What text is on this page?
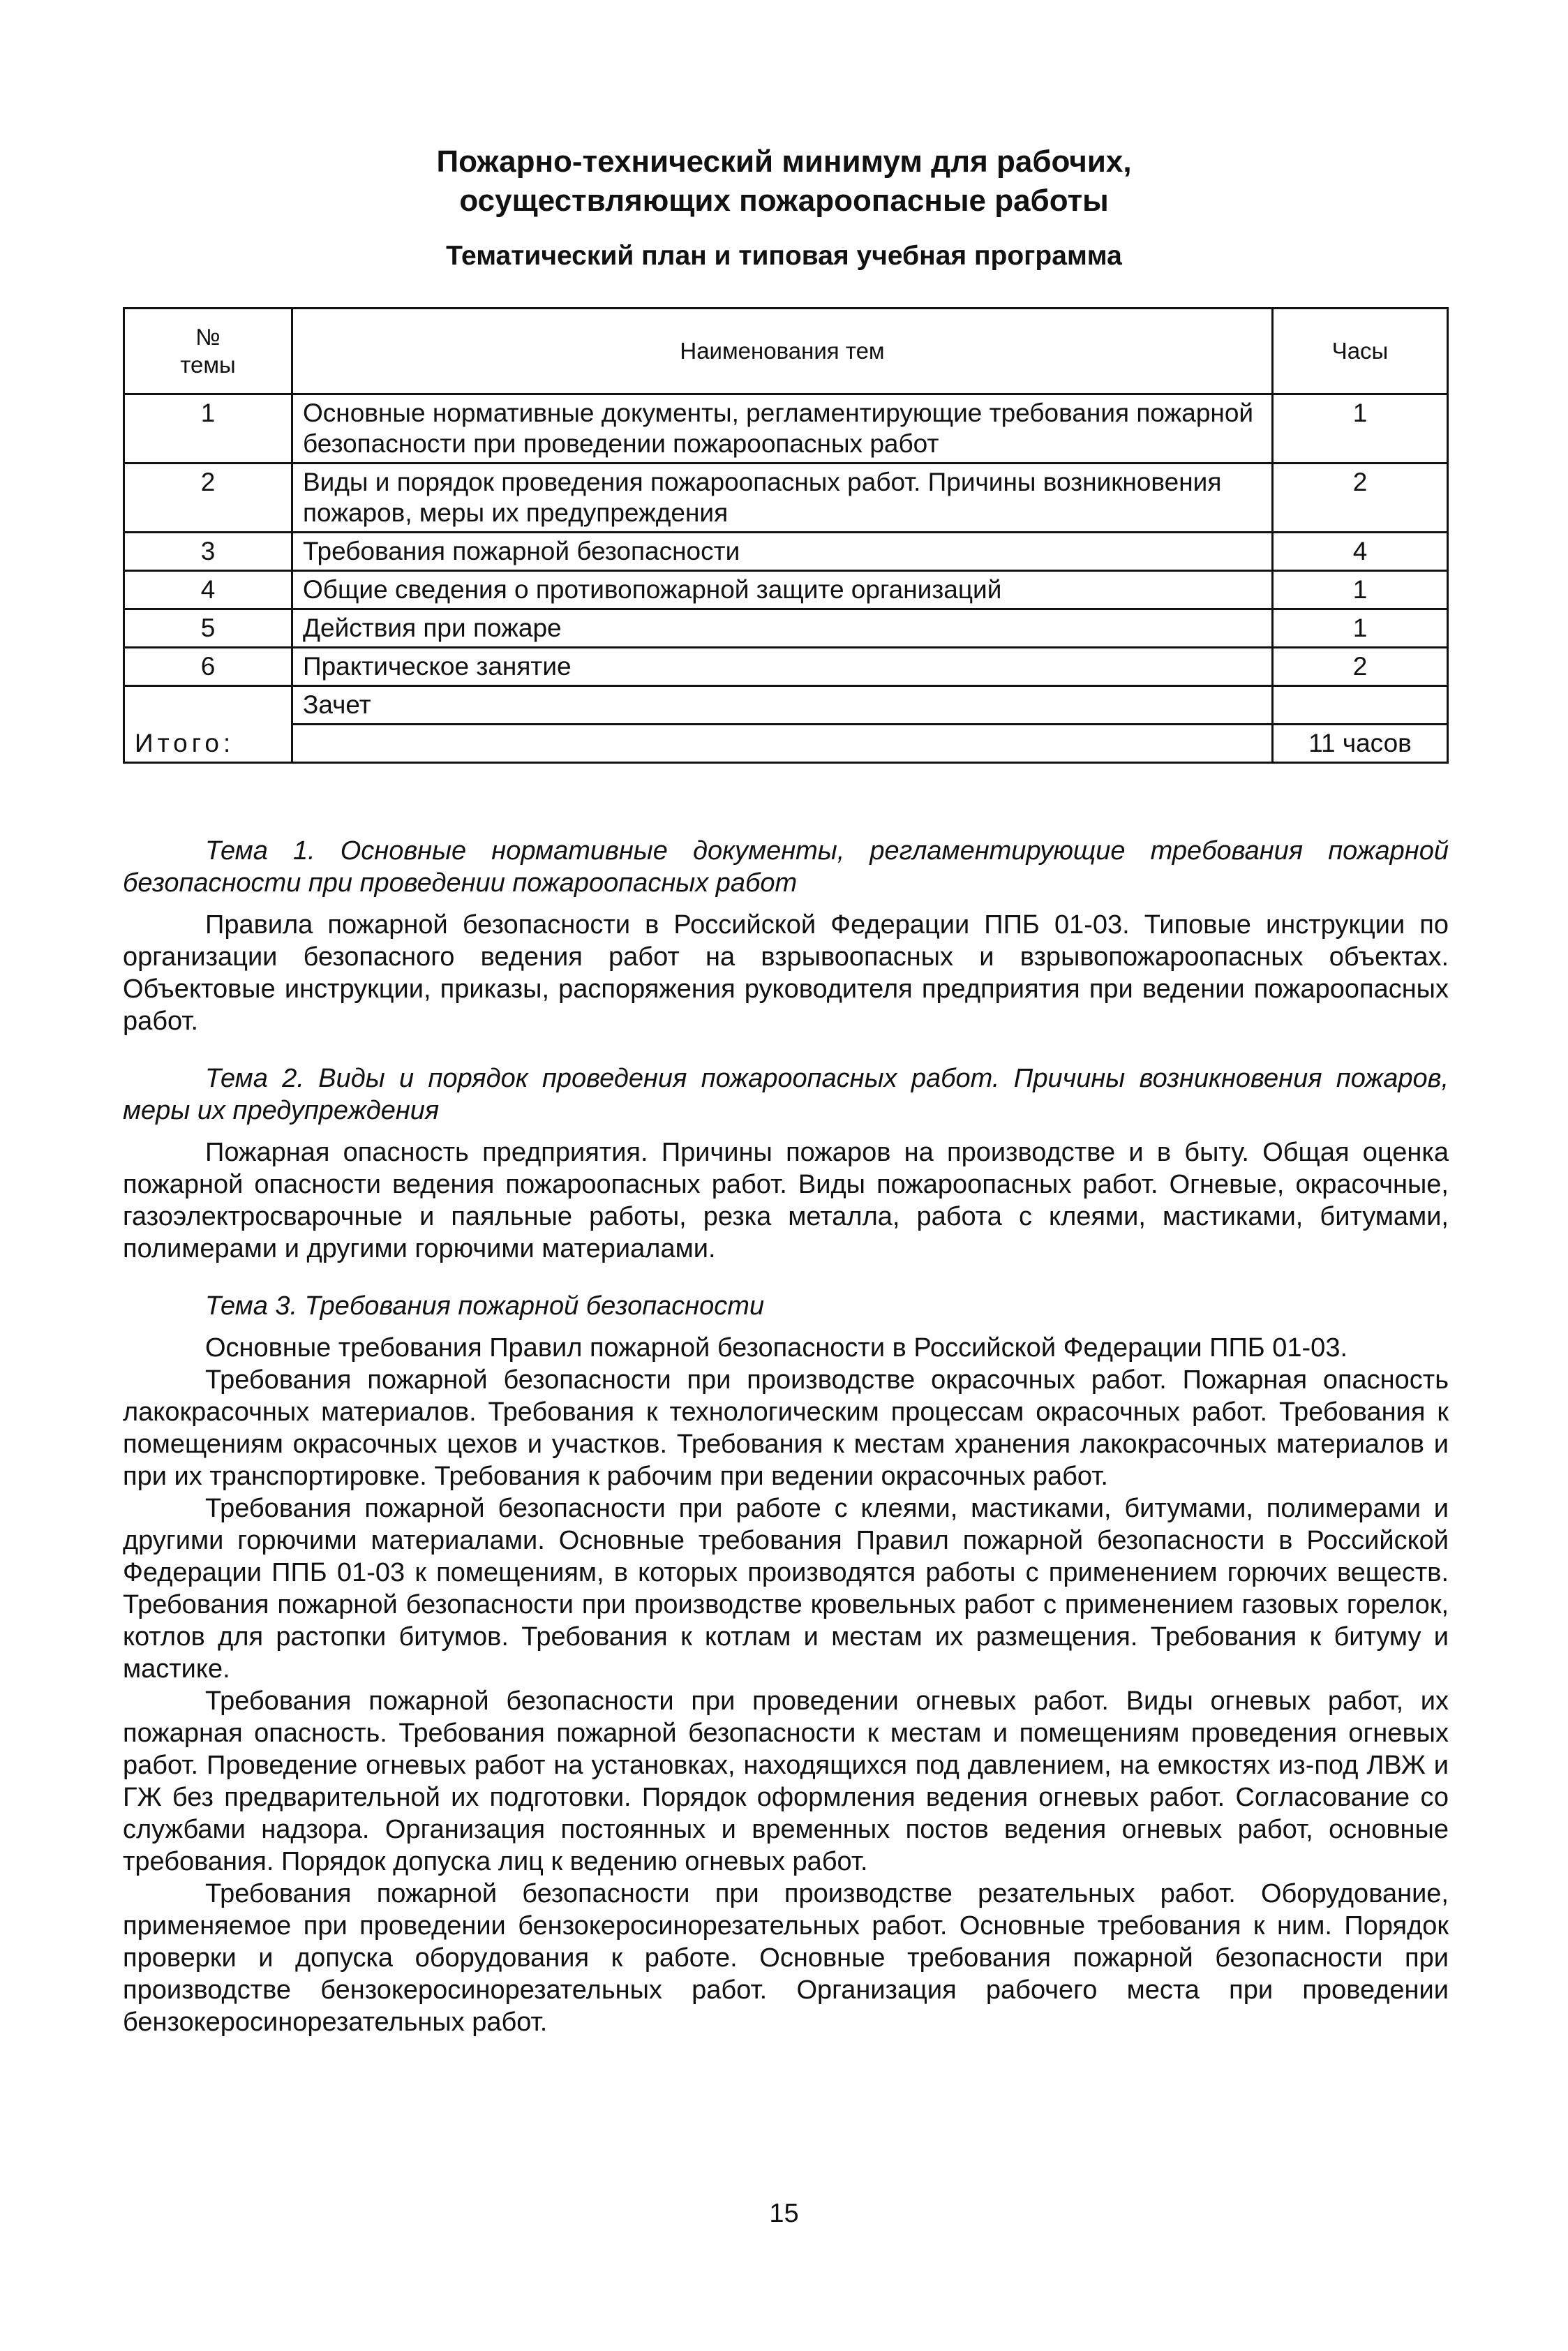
Пожарно-технический минимум для рабочих,
осуществляющих пожароопасные работы
Тематический план и типовая учебная программа
№
темы	Наименования тем	Часы
1	Основные нормативные документы, регламентирующие требования пожарной безопасности при проведении пожароопасных работ	1
2	Виды и порядок проведения пожароопасных работ. Причины возникновения пожаров, меры их предупреждения	2
3	Требования пожарной безопасности	4
4	Общие сведения о противопожарной защите организаций	1
5	Действия при пожаре	1
6	Практическое занятие	2
Итого:	Зачет	
		11 часов

Тема 1. Основные нормативные документы, регламентирующие требования пожарной безопасности при проведении пожароопасных работ

Правила пожарной безопасности в Российской Федерации ППБ 01-03. Типовые инструкции по организации безопасного ведения работ на взрывоопасных и взрывопожароопасных объектах. Объектовые инструкции, приказы, распоряжения руководителя предприятия при ведении пожароопасных работ.

Тема 2. Виды и порядок проведения пожароопасных работ. Причины возникновения пожаров, меры их предупреждения

Пожарная опасность предприятия. Причины пожаров на производстве и в быту. Общая оценка пожарной опасности ведения пожароопасных работ. Виды пожароопасных работ. Огневые, окрасочные, газоэлектросварочные и паяльные работы, резка металла, работа с клеями, мастиками, битумами, полимерами и другими горючими материалами.

Тема 3. Требования пожарной безопасности

Основные требования Правил пожарной безопасности в Российской Федерации ППБ 01-03.

Требования пожарной безопасности при производстве окрасочных работ. Пожарная опасность лакокрасочных материалов. Требования к технологическим процессам окрасочных работ. Требования к помещениям окрасочных цехов и участков. Требования к местам хранения лакокрасочных материалов и при их транспортировке. Требования к рабочим при ведении окрасочных работ.

Требования пожарной безопасности при работе с клеями, мастиками, битумами, полимерами и другими горючими материалами. Основные требования Правил пожарной безопасности в Российской Федерации ППБ 01-03 к помещениям, в которых производятся работы с применением горючих веществ. Требования пожарной безопасности при производстве кровельных работ с применением газовых горелок, котлов для растопки битумов. Требования к котлам и местам их размещения. Требования к битуму и мастике.

Требования пожарной безопасности при проведении огневых работ. Виды огневых работ, их пожарная опасность. Требования пожарной безопасности к местам и помещениям проведения огневых работ. Проведение огневых работ на установках, находящихся под давлением, на емкостях из-под ЛВЖ и ГЖ без предварительной их подготовки. Порядок оформления ведения огневых работ. Согласование со службами надзора. Организация постоянных и временных постов ведения огневых работ, основные требования. Порядок допуска лиц к ведению огневых работ.

Требования пожарной безопасности при производстве резательных работ. Оборудование, применяемое при проведении бензокеросинорезательных работ. Основные требования к ним. Порядок проверки и допуска оборудования к работе. Основные требования пожарной безопасности при производстве бензокеросинорезательных работ. Организация рабочего места при проведении бензокеросинорезательных работ.

15
